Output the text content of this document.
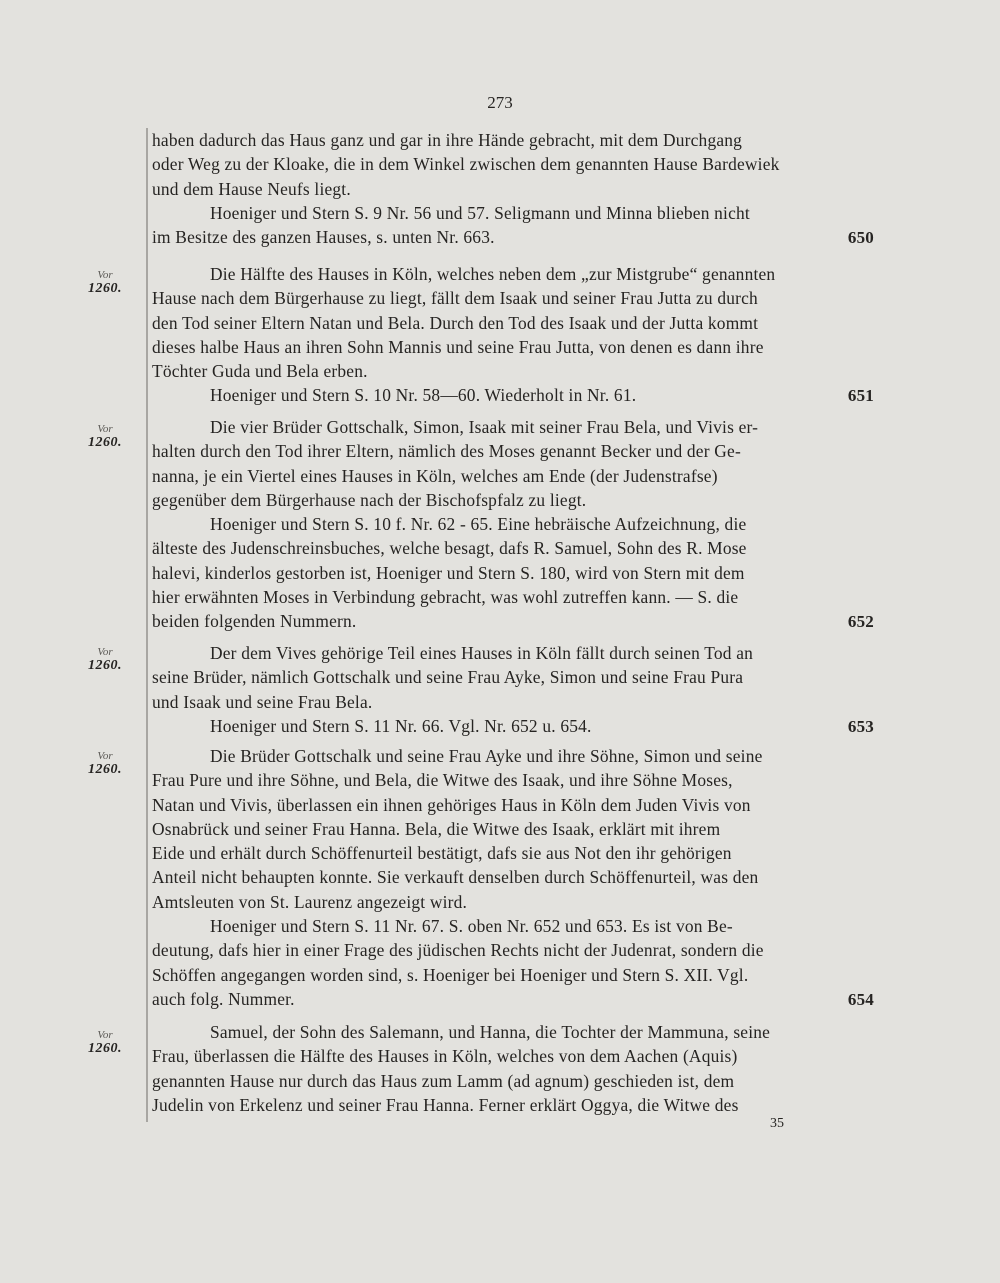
273

haben dadurch das Haus ganz und gar in ihre Hände gebracht, mit dem Durchgang

oder Weg zu der Kloake, die in dem Winkel zwischen dem genannten Hause Bardewiek

und dem Hause Neufs liegt.

Hoeniger und Stern S. 9 Nr. 56 und 57. Seligmann und Minna blieben nicht

im Besitze des ganzen Hauses, s. unten Nr. 663.	650

Vor
1260.

Die Hälfte des Hauses in Köln, welches neben dem „zur Mistgrube“ genannten

Hause nach dem Bürgerhause zu liegt, fällt dem Isaak und seiner Frau Jutta zu durch

den Tod seiner Eltern Natan und Bela. Durch den Tod des Isaak und der Jutta kommt

dieses halbe Haus an ihren Sohn Mannis und seine Frau Jutta, von denen es dann ihre

Töchter Guda und Bela erben.

Hoeniger und Stern S. 10 Nr. 58—60. Wiederholt in Nr. 61.	651

Vor
1260.

Die vier Brüder Gottschalk, Simon, Isaak mit seiner Frau Bela, und Vivis er-

halten durch den Tod ihrer Eltern, nämlich des Moses genannt Becker und der Ge-

nanna, je ein Viertel eines Hauses in Köln, welches am Ende (der Judenstrafse)

gegenüber dem Bürgerhause nach der Bischofspfalz zu liegt.

Hoeniger und Stern S. 10 f. Nr. 62 - 65. Eine hebräische Aufzeichnung, die

älteste des Judenschreinsbuches, welche besagt, dafs R. Samuel, Sohn des R. Mose

halevi, kinderlos gestorben ist, Hoeniger und Stern S. 180, wird von Stern mit dem

hier erwähnten Moses in Verbindung gebracht, was wohl zutreffen kann. — S. die

beiden folgenden Nummern.	652

Vor
1260.

Der dem Vives gehörige Teil eines Hauses in Köln fällt durch seinen Tod an

seine Brüder, nämlich Gottschalk und seine Frau Ayke, Simon und seine Frau Pura

und Isaak und seine Frau Bela.

Hoeniger und Stern S. 11 Nr. 66. Vgl. Nr. 652 u. 654.	653

Vor
1260.

Die Brüder Gottschalk und seine Frau Ayke und ihre Söhne, Simon und seine

Frau Pure und ihre Söhne, und Bela, die Witwe des Isaak, und ihre Söhne Moses,

Natan und Vivis, überlassen ein ihnen gehöriges Haus in Köln dem Juden Vivis von

Osnabrück und seiner Frau Hanna. Bela, die Witwe des Isaak, erklärt mit ihrem

Eide und erhält durch Schöffenurteil bestätigt, dafs sie aus Not den ihr gehörigen

Anteil nicht behaupten konnte. Sie verkauft denselben durch Schöffenurteil, was den

Amtsleuten von St. Laurenz angezeigt wird.

Hoeniger und Stern S. 11 Nr. 67. S. oben Nr. 652 und 653. Es ist von Be-

deutung, dafs hier in einer Frage des jüdischen Rechts nicht der Judenrat, sondern die

Schöffen angegangen worden sind, s. Hoeniger bei Hoeniger und Stern S. XII. Vgl.

auch folg. Nummer.	654

Vor
1260.

Samuel, der Sohn des Salemann, und Hanna, die Tochter der Mammuna, seine

Frau, überlassen die Hälfte des Hauses in Köln, welches von dem Aachen (Aquis)

genannten Hause nur durch das Haus zum Lamm (ad agnum) geschieden ist, dem

Judelin von Erkelenz und seiner Frau Hanna. Ferner erklärt Oggya, die Witwe des

35
